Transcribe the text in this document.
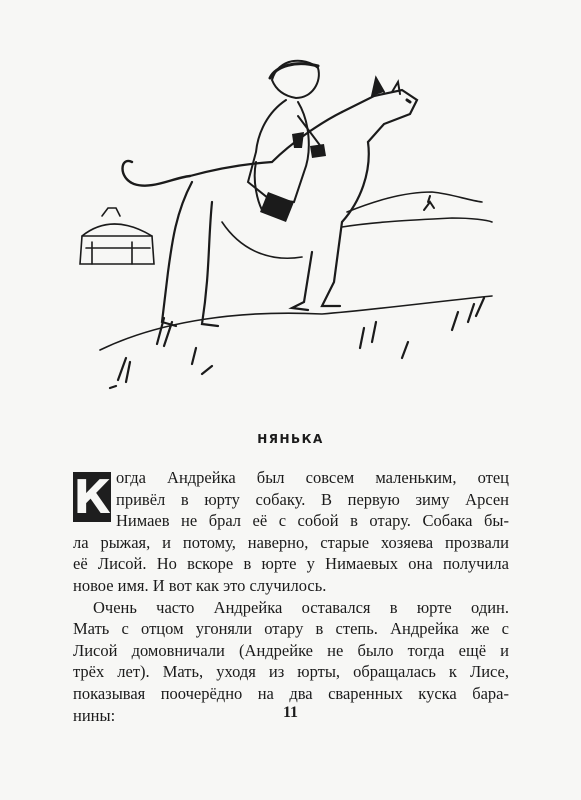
НЯНЬКА
К огда Андрейка был совсем маленьким, отец
привёл в юрту собаку. В первую зиму Арсен
Нимаев не брал её с собой в отару. Собака бы-
ла рыжая, и потому, наверно, старые хозяева прозвали
её Лисой. Но вскоре в юрте у Нимаевых она получила
новое имя. И вот как это случилось.
Очень часто Андрейка оставался в юрте один.
Мать с отцом угоняли отару в степь. Андрейка же с
Лисой домовничали (Андрейке не было тогда ещё и
трёх лет). Мать, уходя из юрты, обращалась к Лисе,
показывая поочерёдно на два сваренных куска бара-
нины:	11
